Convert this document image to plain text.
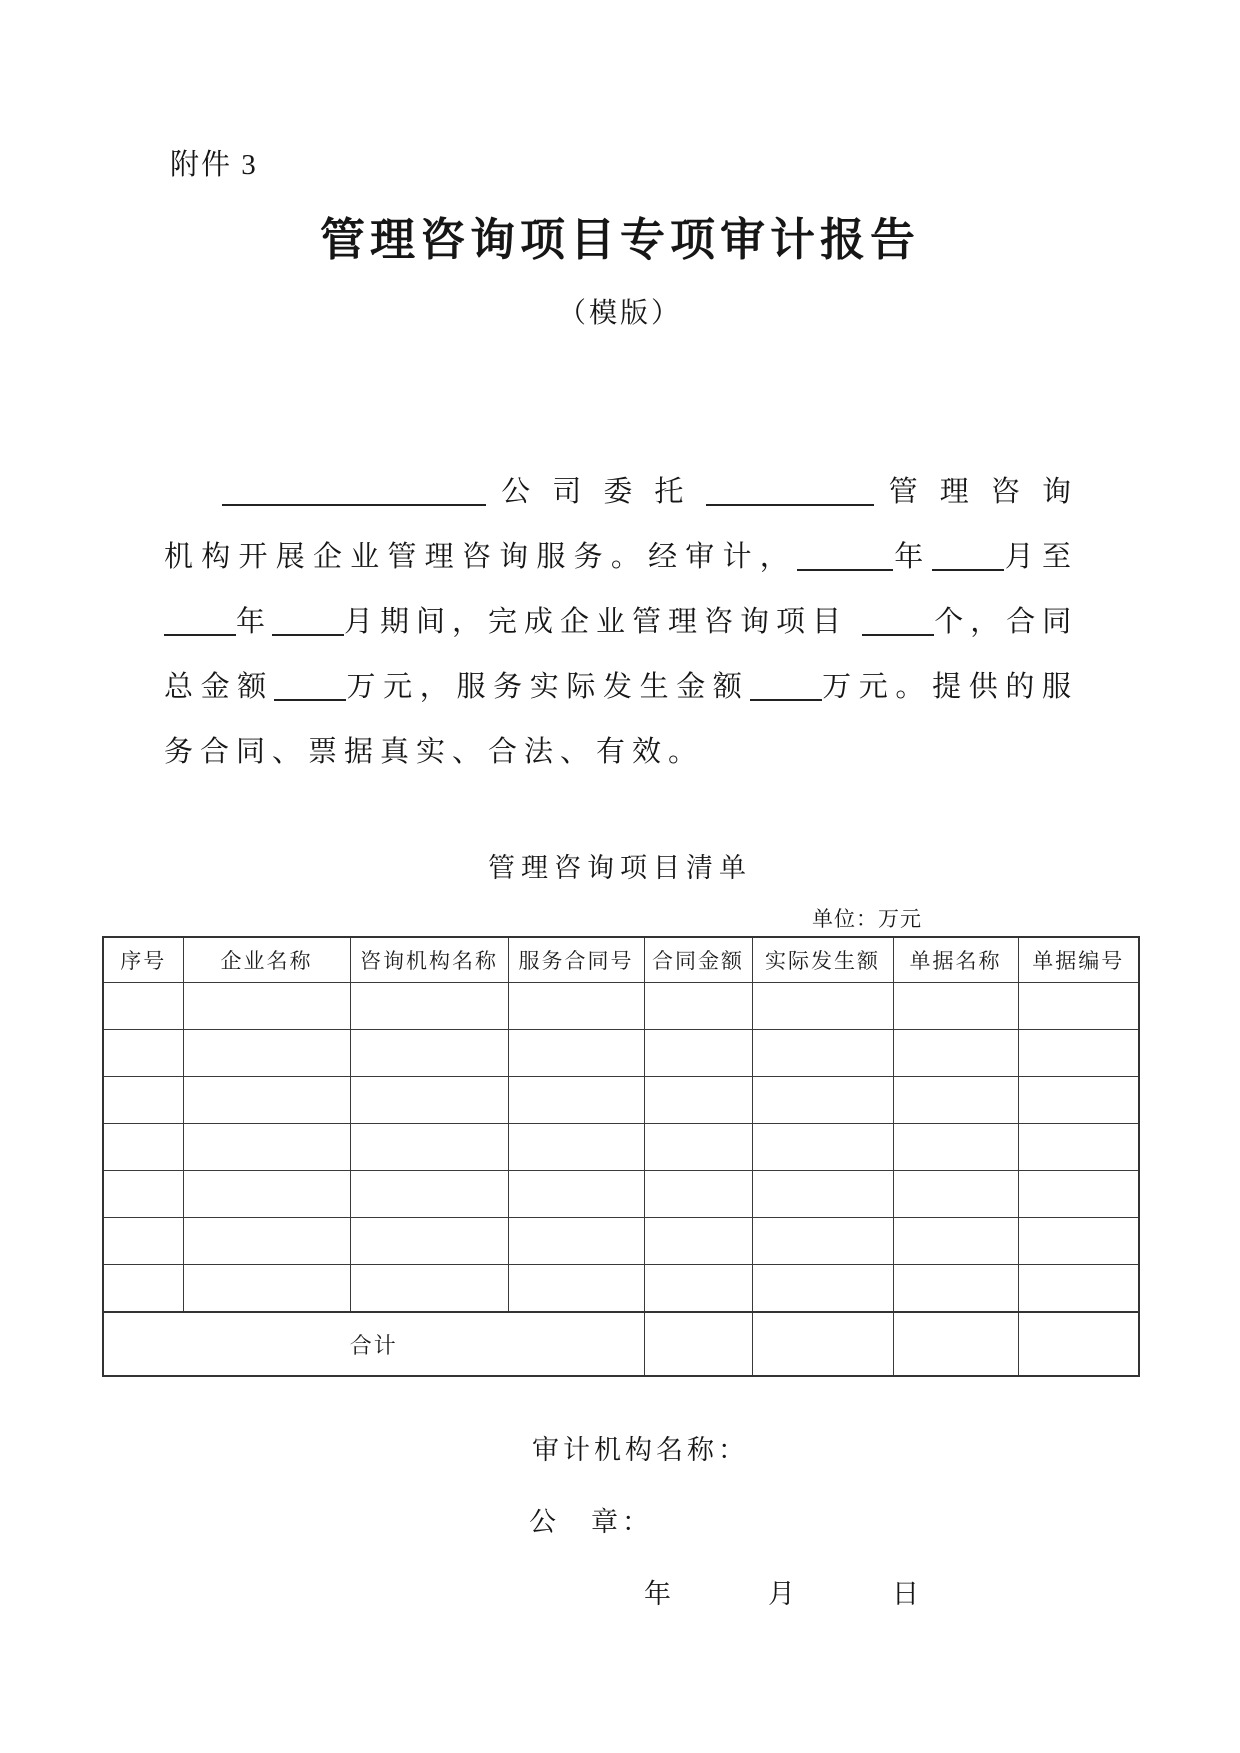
附件 3
管理咨询项目专项审计报告
（模版）
公司委托	管理咨询
机构开展企业管理咨询服务。经审计，	年 月至
年 月期间，完成企业管理咨询项目 个，合同
总金额 万元，服务实际发生金额 万元。提供的服
务合同、票据真实、合法、有效。
管理咨询项目清单
单位：万元
序号	企业名称	咨询机构名称	服务合同号	合同金额	实际发生额	单据名称	单据编号

合计							
审计机构名称：
公　章：
年　　　月　　　日
